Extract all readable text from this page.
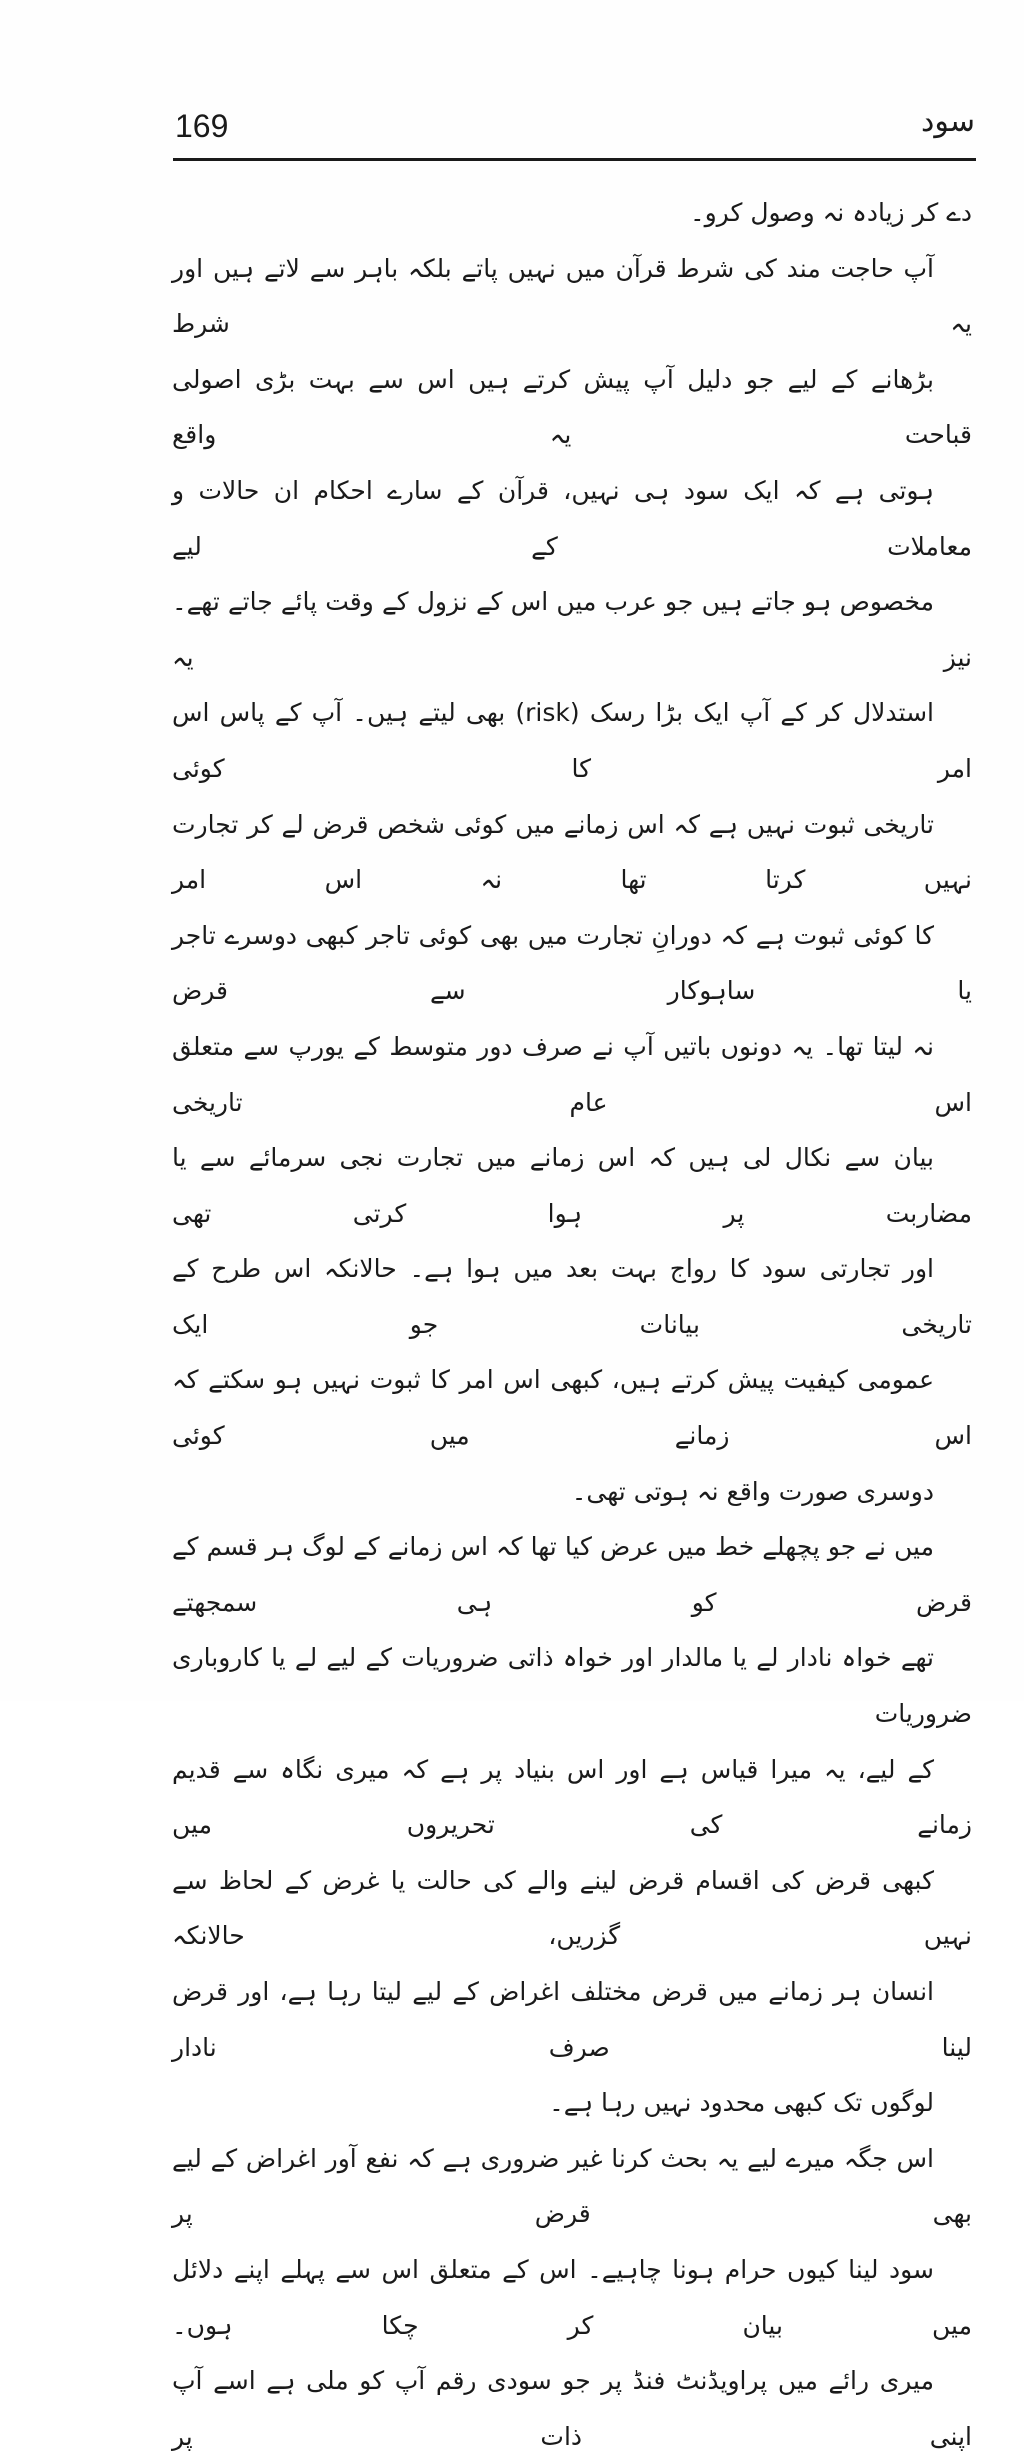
169	سود

دے کر زیادہ نہ وصول کرو۔

آپ حاجت مند کی شرط قرآن میں نہیں پاتے بلکہ باہر سے لاتے ہیں اور یہ شرط
بڑھانے کے لیے جو دلیل آپ پیش کرتے ہیں اس سے بہت بڑی اصولی قباحت یہ واقع
ہوتی ہے کہ ایک سود ہی نہیں، قرآن کے سارے احکام ان حالات و معاملات کے لیے
مخصوص ہو جاتے ہیں جو عرب میں اس کے نزول کے وقت پائے جاتے تھے۔ نیز یہ
استدلال کر کے آپ ایک بڑا رسک (risk) بھی لیتے ہیں۔ آپ کے پاس اس امر کا کوئی
تاریخی ثبوت نہیں ہے کہ اس زمانے میں کوئی شخص قرض لے کر تجارت نہیں کرتا تھا نہ اس امر
کا کوئی ثبوت ہے کہ دورانِ تجارت میں بھی کوئی تاجر کبھی دوسرے تاجر یا ساہوکار سے قرض
نہ لیتا تھا۔ یہ دونوں باتیں آپ نے صرف دور متوسط کے یورپ سے متعلق اس عام تاریخی
بیان سے نکال لی ہیں کہ اس زمانے میں تجارت نجی سرمائے سے یا مضاربت پر ہوا کرتی تھی
اور تجارتی سود کا رواج بہت بعد میں ہوا ہے۔ حالانکہ اس طرح کے تاریخی بیانات جو ایک
عمومی کیفیت پیش کرتے ہیں، کبھی اس امر کا ثبوت نہیں ہو سکتے کہ اس زمانے میں کوئی
دوسری صورت واقع نہ ہوتی تھی۔

میں نے جو پچھلے خط میں عرض کیا تھا کہ اس زمانے کے لوگ ہر قسم کے قرض کو ہی سمجھتے
تھے خواہ نادار لے یا مالدار اور خواہ ذاتی ضروریات کے لیے لے یا کاروباری ضروریات
کے لیے، یہ میرا قیاس ہے اور اس بنیاد پر ہے کہ میری نگاہ سے قدیم زمانے کی تحریروں میں
کبھی قرض کی اقسام قرض لینے والے کی حالت یا غرض کے لحاظ سے نہیں گزریں، حالانکہ
انسان ہر زمانے میں قرض مختلف اغراض کے لیے لیتا رہا ہے، اور قرض لینا صرف نادار
لوگوں تک کبھی محدود نہیں رہا ہے۔

اس جگہ میرے لیے یہ بحث کرنا غیر ضروری ہے کہ نفع آور اغراض کے لیے بھی قرض پر
سود لینا کیوں حرام ہونا چاہیے۔ اس کے متعلق اس سے پہلے اپنے دلائل میں بیان کر چکا ہوں۔
میری رائے میں پراویڈنٹ فنڈ پر جو سودی رقم آپ کو ملی ہے اسے آپ اپنی ذات پر
